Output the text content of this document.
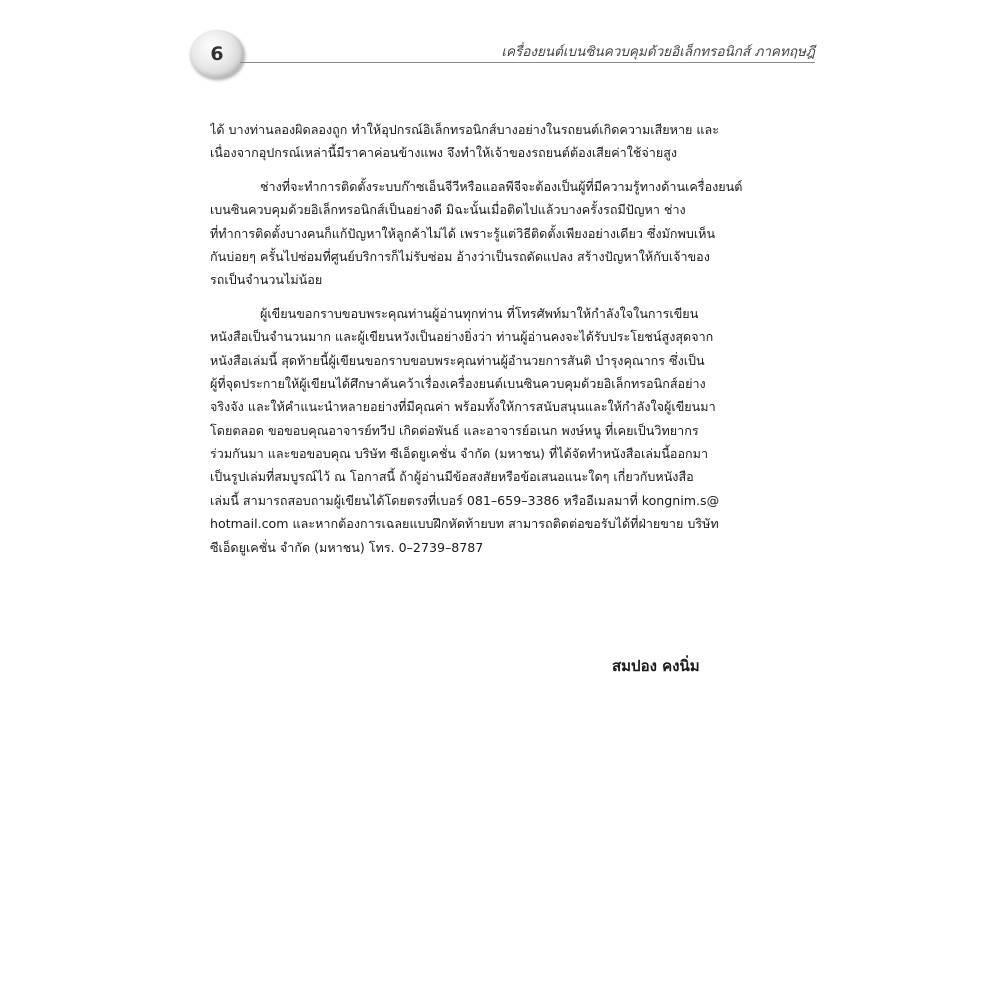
6	เครื่องยนต์เบนซินควบคุมด้วยอิเล็กทรอนิกส์ ภาคทฤษฎี
ได้ บางท่านลองผิดลองถูก ทำให้อุปกรณ์อิเล็กทรอนิกส์บางอย่างในรถยนต์เกิดความเสียหาย และ
เนื่องจากอุปกรณ์เหล่านี้มีราคาค่อนข้างแพง จึงทำให้เจ้าของรถยนต์ต้องเสียค่าใช้จ่ายสูง
ช่างที่จะทำการติดตั้งระบบก๊าซเอ็นจีวีหรือแอลพีจีจะต้องเป็นผู้ที่มีความรู้ทางด้านเครื่องยนต์
เบนซินควบคุมด้วยอิเล็กทรอนิกส์เป็นอย่างดี มิฉะนั้นเมื่อติดไปแล้วบางครั้งรถมีปัญหา ช่าง
ที่ทำการติดตั้งบางคนก็แก้ปัญหาให้ลูกค้าไม่ได้ เพราะรู้แต่วิธีติดตั้งเพียงอย่างเดียว ซึ่งมักพบเห็น
กันบ่อยๆ ครั้นไปซ่อมที่ศูนย์บริการก็ไม่รับซ่อม อ้างว่าเป็นรถดัดแปลง สร้างปัญหาให้กับเจ้าของ
รถเป็นจำนวนไม่น้อย
ผู้เขียนขอกราบขอบพระคุณท่านผู้อ่านทุกท่าน ที่โทรศัพท์มาให้กำลังใจในการเขียน
หนังสือเป็นจำนวนมาก และผู้เขียนหวังเป็นอย่างยิ่งว่า ท่านผู้อ่านคงจะได้รับประโยชน์สูงสุดจาก
หนังสือเล่มนี้ สุดท้ายนี้ผู้เขียนขอกราบขอบพระคุณท่านผู้อำนวยการสันติ บำรุงคุณากร ซึ่งเป็น
ผู้ที่จุดประกายให้ผู้เขียนได้ศึกษาค้นคว้าเรื่องเครื่องยนต์เบนซินควบคุมด้วยอิเล็กทรอนิกส์อย่าง
จริงจัง และให้คำแนะนำหลายอย่างที่มีคุณค่า พร้อมทั้งให้การสนับสนุนและให้กำลังใจผู้เขียนมา
โดยตลอด ขอขอบคุณอาจารย์ทวีป เกิดต่อพันธ์ และอาจารย์อเนก พงษ์หนู ที่เคยเป็นวิทยากร
ร่วมกันมา และขอขอบคุณ บริษัท ซีเอ็ดยูเคชั่น จำกัด (มหาชน) ที่ได้จัดทำหนังสือเล่มนี้ออกมา
เป็นรูปเล่มที่สมบูรณ์ไว้ ณ โอกาสนี้ ถ้าผู้อ่านมีข้อสงสัยหรือข้อเสนอแนะใดๆ เกี่ยวกับหนังสือ
เล่มนี้ สามารถสอบถามผู้เขียนได้โดยตรงที่เบอร์ 081–659–3386 หรืออีเมลมาที่ kongnim.s@
hotmail.com และหากต้องการเฉลยแบบฝึกหัดท้ายบท สามารถติดต่อขอรับได้ที่ฝ่ายขาย บริษัท
ซีเอ็ดยูเคชั่น จำกัด (มหาชน) โทร. 0–2739–8787
สมปอง คงนิ่ม
